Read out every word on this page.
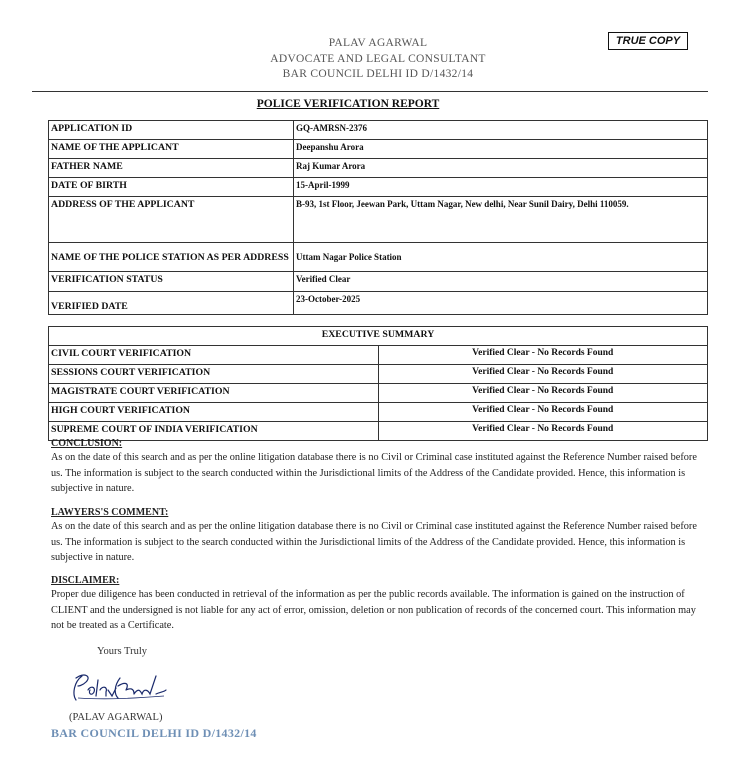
TRUE COPY
PALAV AGARWAL
ADVOCATE AND LEGAL CONSULTANT
BAR COUNCIL DELHI ID D/1432/14
POLICE VERIFICATION REPORT
APPLICATION ID	GQ-AMRSN-2376
NAME OF THE APPLICANT	Deepanshu Arora
FATHER NAME	Raj Kumar Arora
DATE OF BIRTH	15-April-1999
ADDRESS OF THE APPLICANT	B-93, 1st Floor, Jeewan Park, Uttam Nagar, New delhi, Near Sunil Dairy, Delhi 110059.
NAME OF THE POLICE STATION AS PER ADDRESS	Uttam Nagar Police Station
VERIFICATION STATUS	Verified Clear
VERIFIED DATE	23-October-2025
EXECUTIVE SUMMARY	
CIVIL COURT VERIFICATION	Verified Clear - No Records Found
SESSIONS COURT VERIFICATION	Verified Clear - No Records Found
MAGISTRATE COURT VERIFICATION	Verified Clear - No Records Found
HIGH COURT VERIFICATION	Verified Clear - No Records Found
SUPREME COURT OF INDIA VERIFICATION	Verified Clear - No Records Found
CONCLUSION:
As on the date of this search and as per the online litigation database there is no Civil or Criminal case instituted against the Reference Number raised before us. The information is subject to the search conducted within the Jurisdictional limits of the Address of the Candidate provided. Hence, this information is subjective in nature.
LAWYERS'S COMMENT:
As on the date of this search and as per the online litigation database there is no Civil or Criminal case instituted against the Reference Number raised before us. The information is subject to the search conducted within the Jurisdictional limits of the Address of the Candidate provided. Hence, this information is subjective in nature.
DISCLAIMER:
Proper due diligence has been conducted in retrieval of the information as per the public records available. The information is gained on the instruction of CLIENT and the undersigned is not liable for any act of error, omission, deletion or non publication of records of the concerned court. This information may not be treated as a Certificate.
Yours Truly
(PALAV AGARWAL)
BAR COUNCIL DELHI ID D/1432/14
